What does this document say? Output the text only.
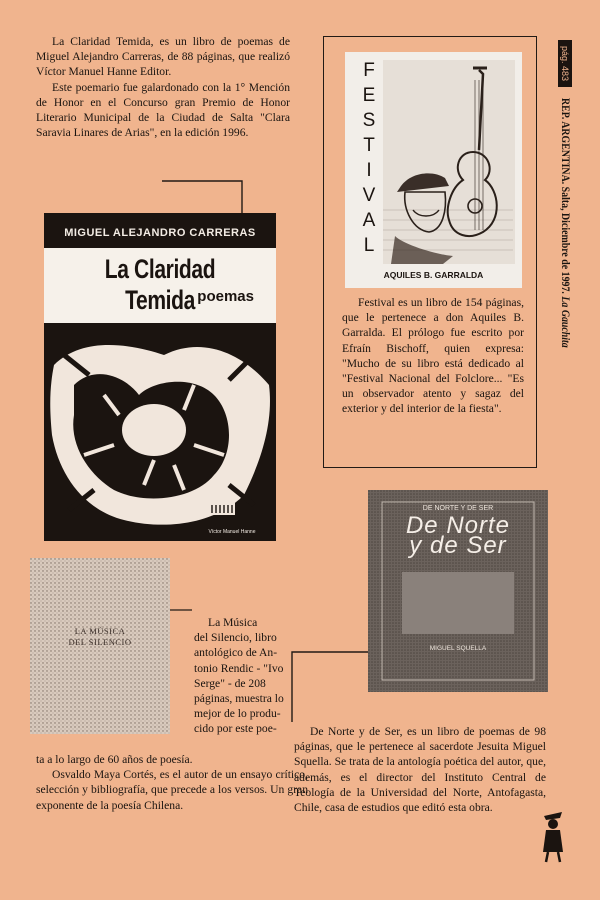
La Claridad Temida, es un libro de poemas de Miguel Alejandro Carreras, de 88 páginas, que realizó Víctor Manuel Hanne Editor.

Este poemario fue galardonado con la 1° Mención de Honor en el Concurso gran Premio de Honor Literario Municipal de la Ciudad de Salta "Clara Saravia Linares de Arias", en la edición 1996.

MIGUEL ALEJANDRO CARRERAS
La Claridad Temida poemas
Víctor Manuel Hanne
F
E
S
T
I
V
A
L
AQUILES B. GARRALDA
Festival es un libro de 154 páginas, que le pertenece a don Aquiles B. Garralda. El prólogo fue escrito por Efraín Bischoff, quien expresa: "Mucho de su libro está dedicado al "Festival Nacional del Folclore... "Es un observador atento y sagaz del exterior y del interior de la fiesta".
LA MÚSICA
DEL SILENCIO
La Música
del Silencio, libro
antológico de An-
tonio Rendic - "Ivo
Serge" - de 208
páginas, muestra lo
mejor de lo produ-
cido por este poe-
ta a lo largo de 60 años de poesía.

Osvaldo Maya Cortés, es el autor de un ensayo crítico, selección y bibliografía, que precede a los versos. Un gran exponente de la poesía Chilena.

DE NORTE Y DE SER
De Norte
y de Ser
MIGUEL SQUELLA
De Norte y de Ser, es un libro de poemas de 98 páginas, que le pertenece al sacerdote Jesuita Miguel Squella. Se trata de la antología poética del autor, que, además, es el director del Instituto Central de Teología de la Universidad del Norte, Antofagasta, Chile, casa de estudios que editó esta obra.
pág. 483 REP. ARGENTINA. Salta, Diciembre de 1997. La Gauchita
